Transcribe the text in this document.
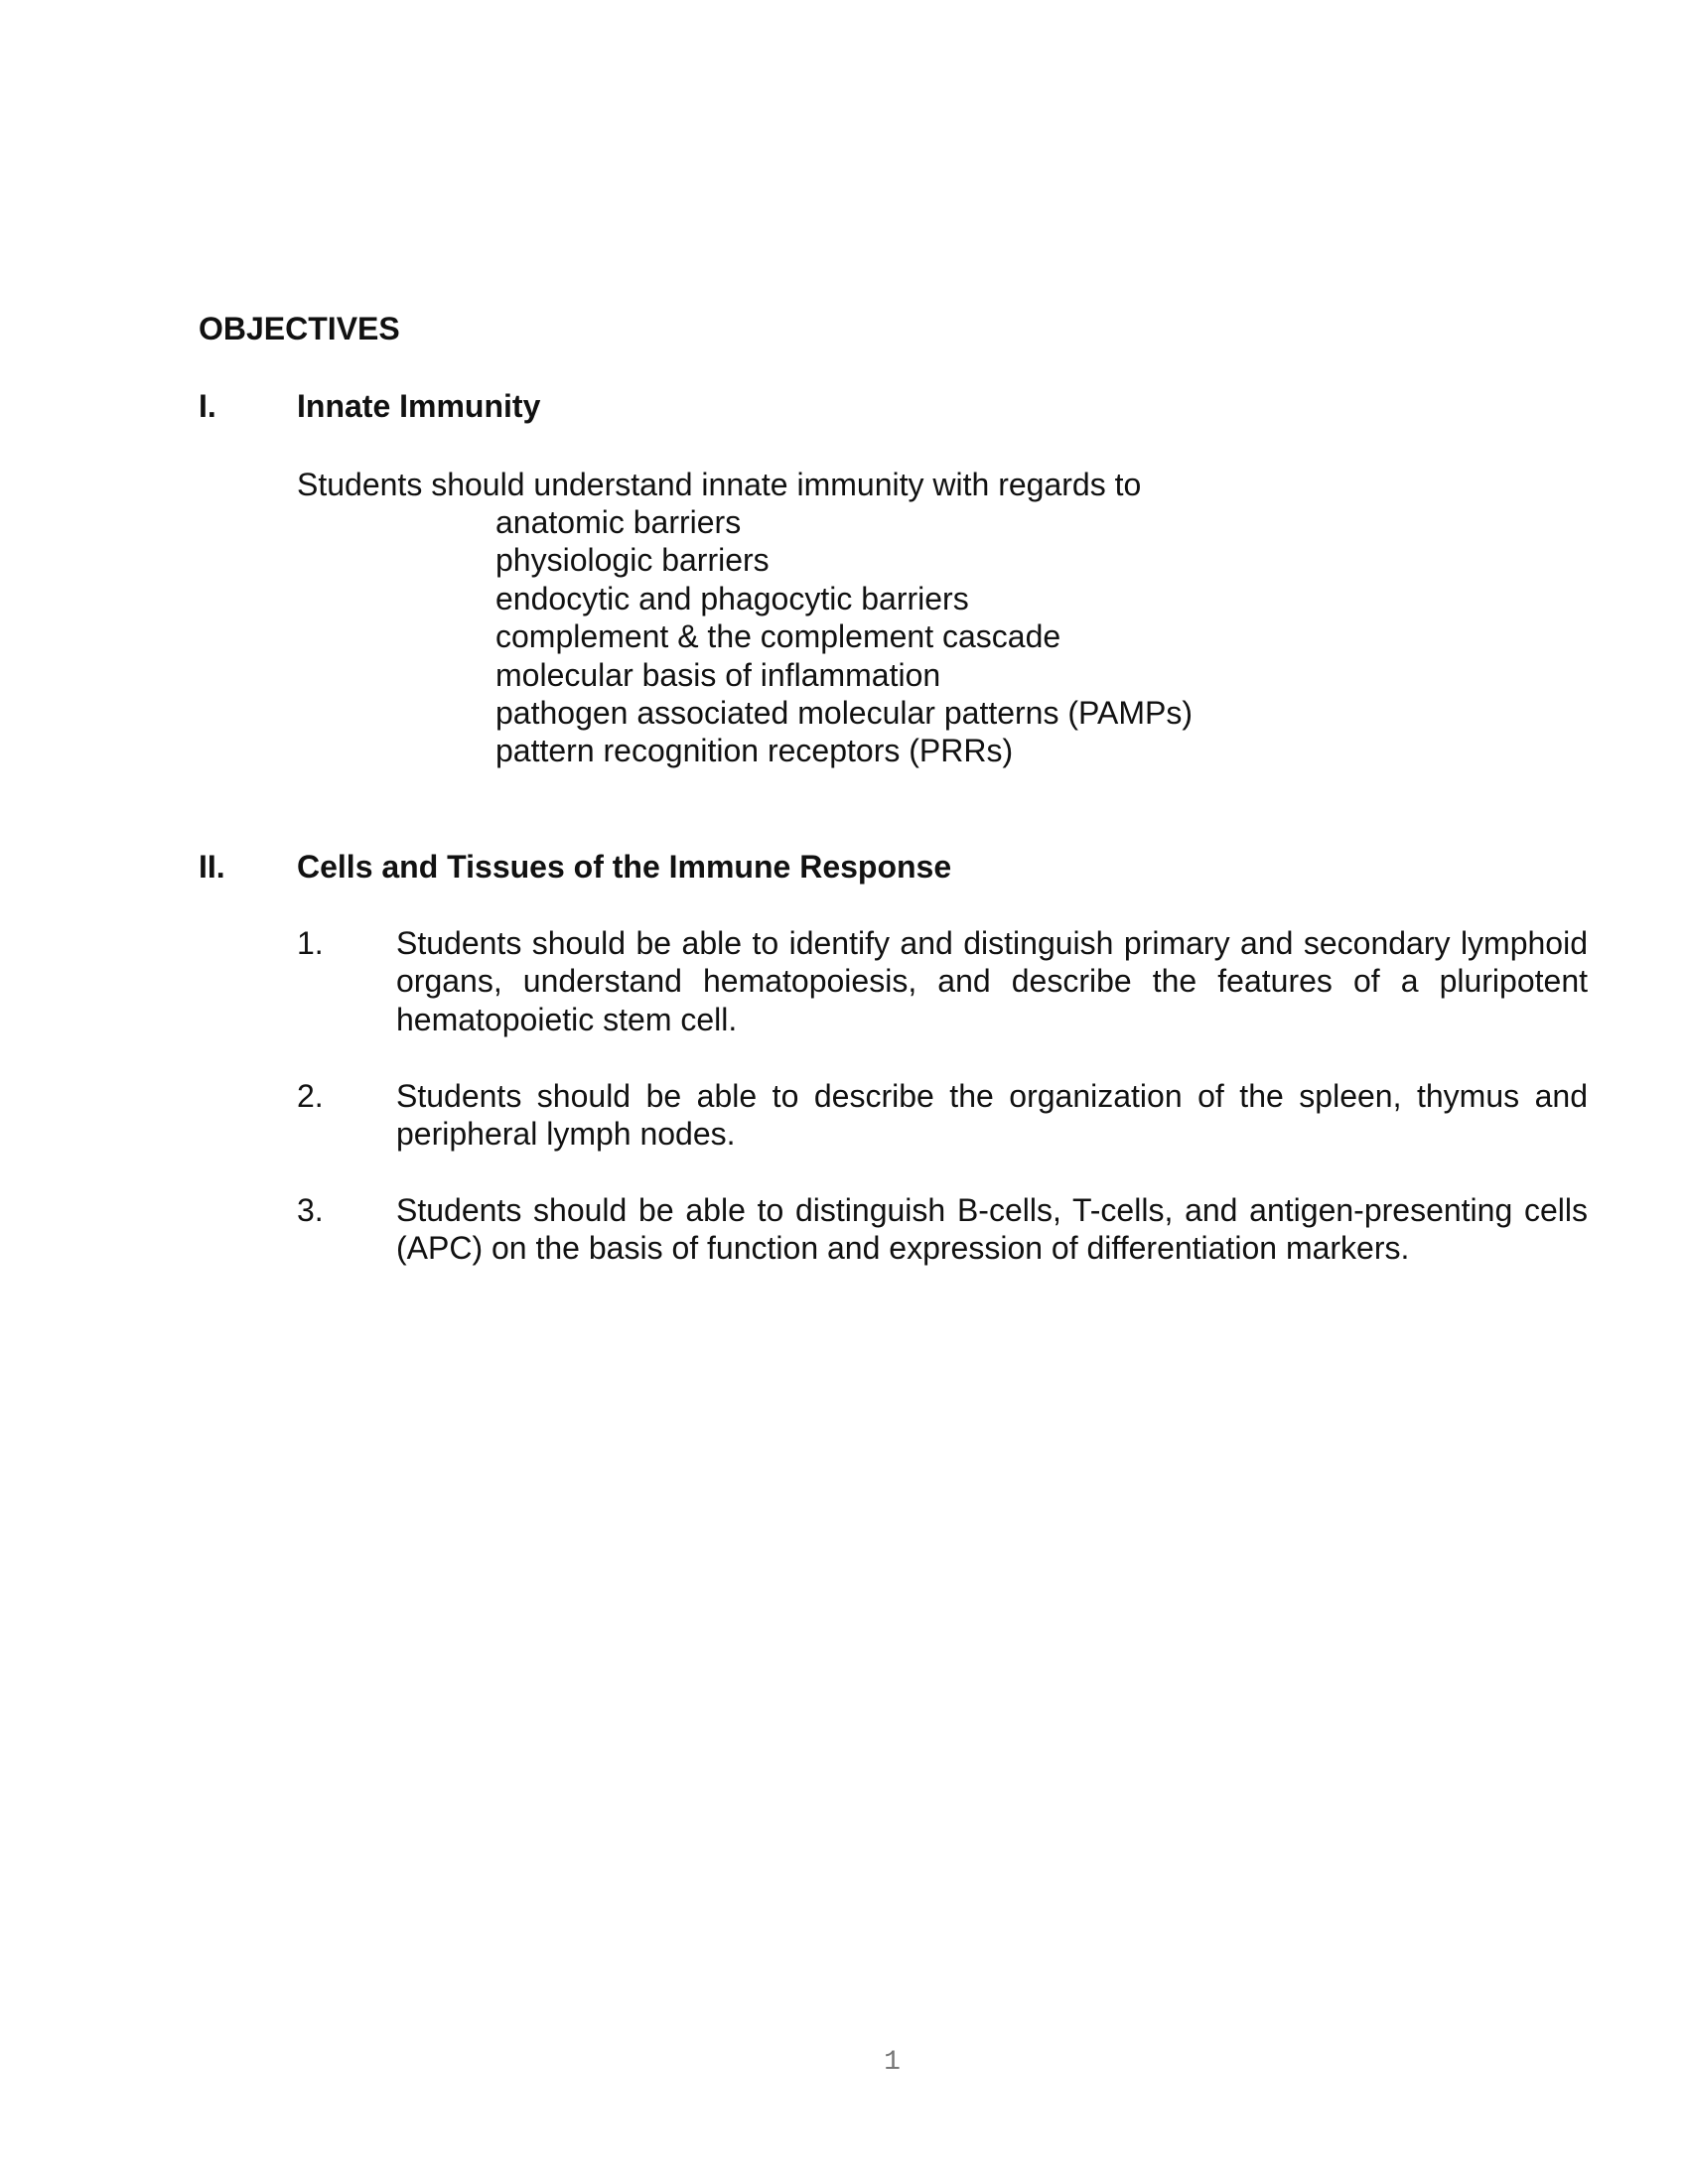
OBJECTIVES
I.	Innate Immunity
Students should understand innate immunity with regards to
anatomic barriers
physiologic barriers
endocytic and phagocytic barriers
complement & the complement cascade
molecular basis of inflammation
pathogen associated molecular patterns (PAMPs)
pattern recognition receptors (PRRs)
II. Cells and Tissues of the Immune Response
1. Students should be able to identify and distinguish primary and secondary lymphoid organs, understand hematopoiesis, and describe the features of a pluripotent hematopoietic stem cell.
2. Students should be able to describe the organization of the spleen, thymus and peripheral lymph nodes.
3. Students should be able to distinguish B-cells, T-cells, and antigen-presenting cells (APC) on the basis of function and expression of differentiation markers.
1
